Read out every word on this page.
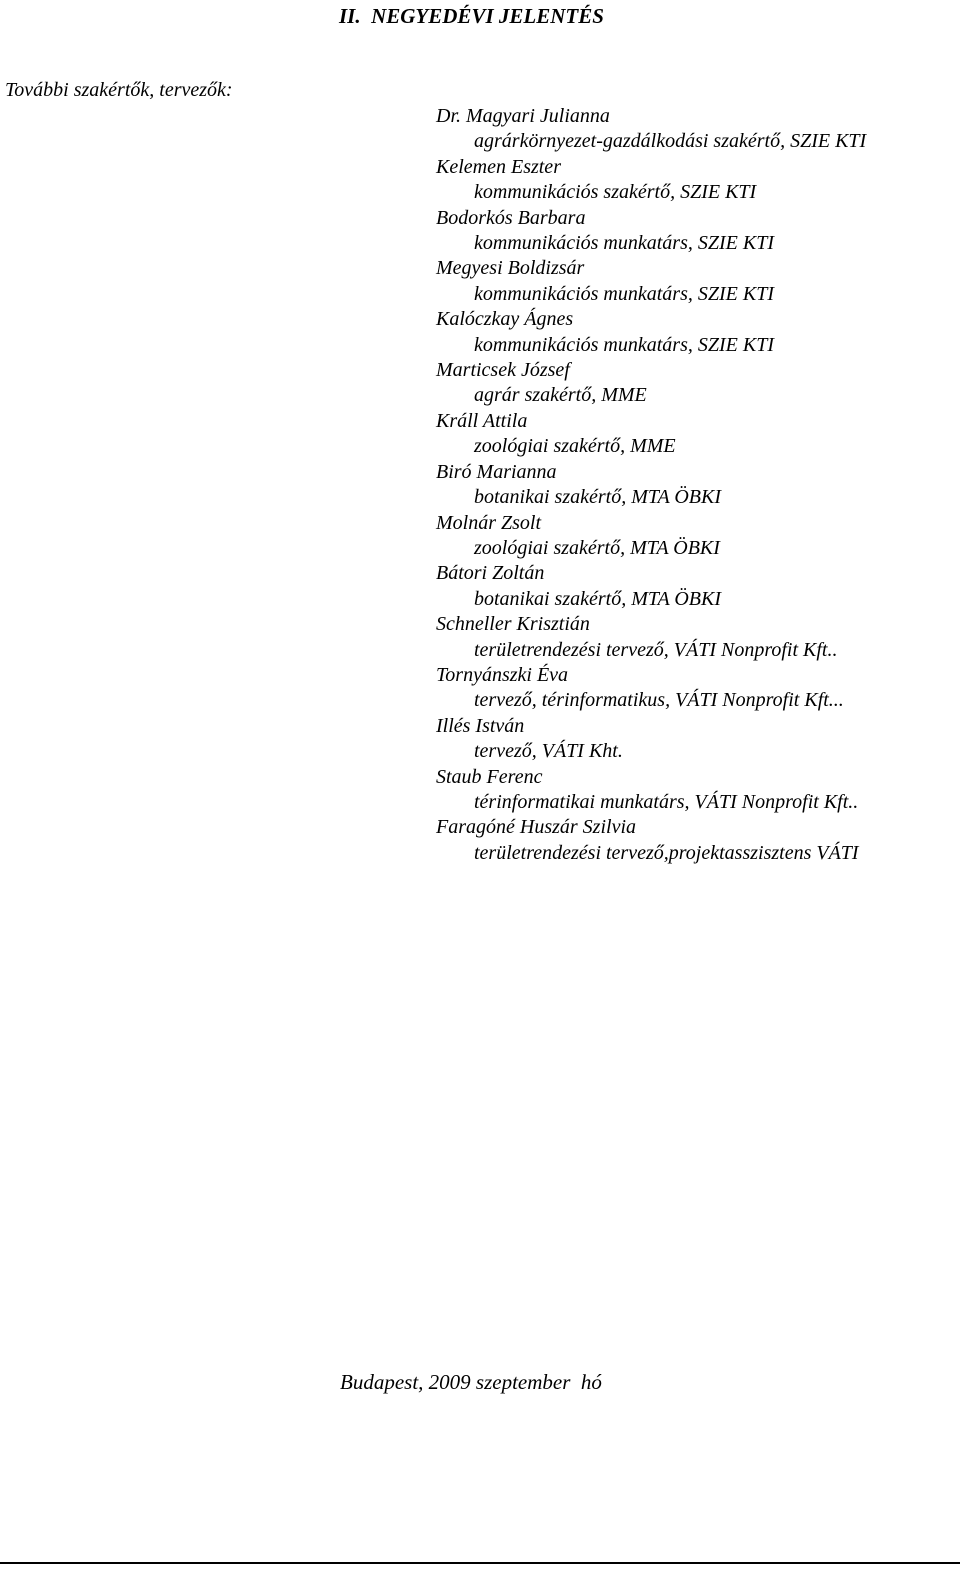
II.  NEGYEDÉVI JELENTÉS
További szakértők, tervezők:
Dr. Magyari Julianna
agrárkörnyezet-gazdálkodási szakértő, SZIE KTI
Kelemen Eszter
kommunikációs szakértő, SZIE KTI
Bodorkós Barbara
kommunikációs munkatárs, SZIE KTI
Megyesi Boldizsár
kommunikációs munkatárs, SZIE KTI
Kalóczkay Ágnes
kommunikációs munkatárs, SZIE KTI
Marticsek József
agrár szakértő, MME
Králl Attila
zoológiai szakértő, MME
Biró Marianna
botanikai szakértő, MTA ÖBKI
Molnár Zsolt
zoológiai szakértő, MTA ÖBKI
Bátori Zoltán
botanikai szakértő, MTA ÖBKI
Schneller Krisztián
területrendezési tervező, VÁTI Nonprofit Kft..
Tornyánszki Éva
tervező, térinformatikus, VÁTI Nonprofit Kft...
Illés István
tervező, VÁTI Kht.
Staub Ferenc
térinformatikai munkatárs, VÁTI Nonprofit Kft..
Faragóné Huszár Szilvia
területrendezési tervező,projektasszisztens VÁTI
Budapest, 2009 szeptember  hó
